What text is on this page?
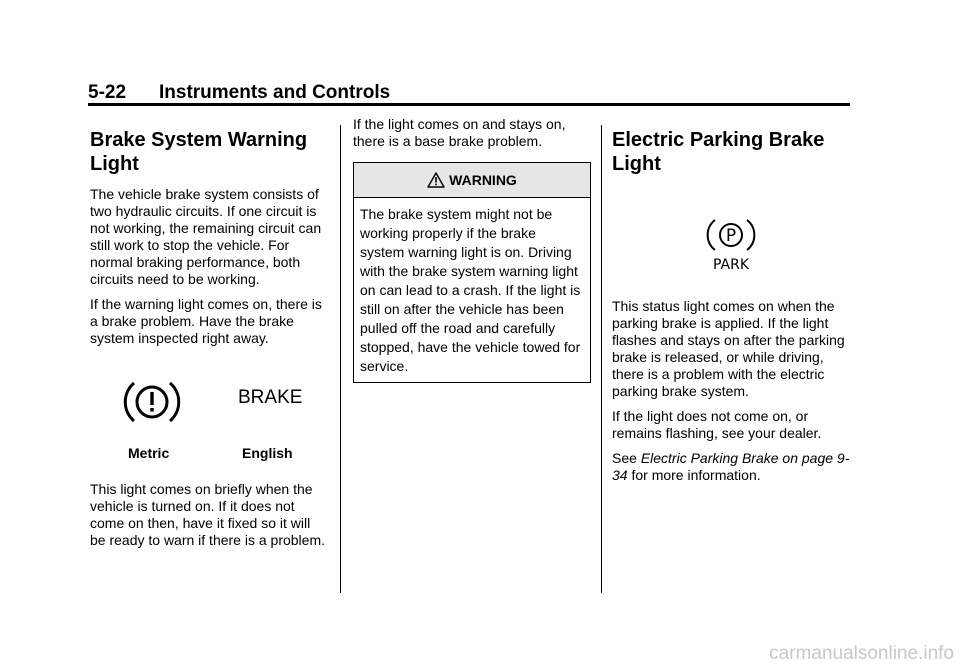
5-22 Instruments and Controls
Brake System Warning Light

The vehicle brake system consists of two hydraulic circuits. If one circuit is not working, the remaining circuit can still work to stop the vehicle. For normal braking performance, both circuits need to be working.

If the warning light comes on, there is a brake problem. Have the brake system inspected right away.

BRAKE
Metric	English

This light comes on briefly when the vehicle is turned on. If it does not come on then, have it fixed so it will be ready to warn if there is a problem.

If the light comes on and stays on, there is a base brake problem.

WARNING

The brake system might not be working properly if the brake system warning light is on. Driving with the brake system warning light on can lead to a crash. If the light is still on after the vehicle has been pulled off the road and carefully stopped, have the vehicle towed for service.

Electric Parking Brake Light
P
PARK

This status light comes on when the parking brake is applied. If the light flashes and stays on after the parking brake is released, or while driving, there is a problem with the electric parking brake system.

If the light does not come on, or remains flashing, see your dealer.

See Electric Parking Brake on page 9-34 for more information.

carmanualsonline.info
